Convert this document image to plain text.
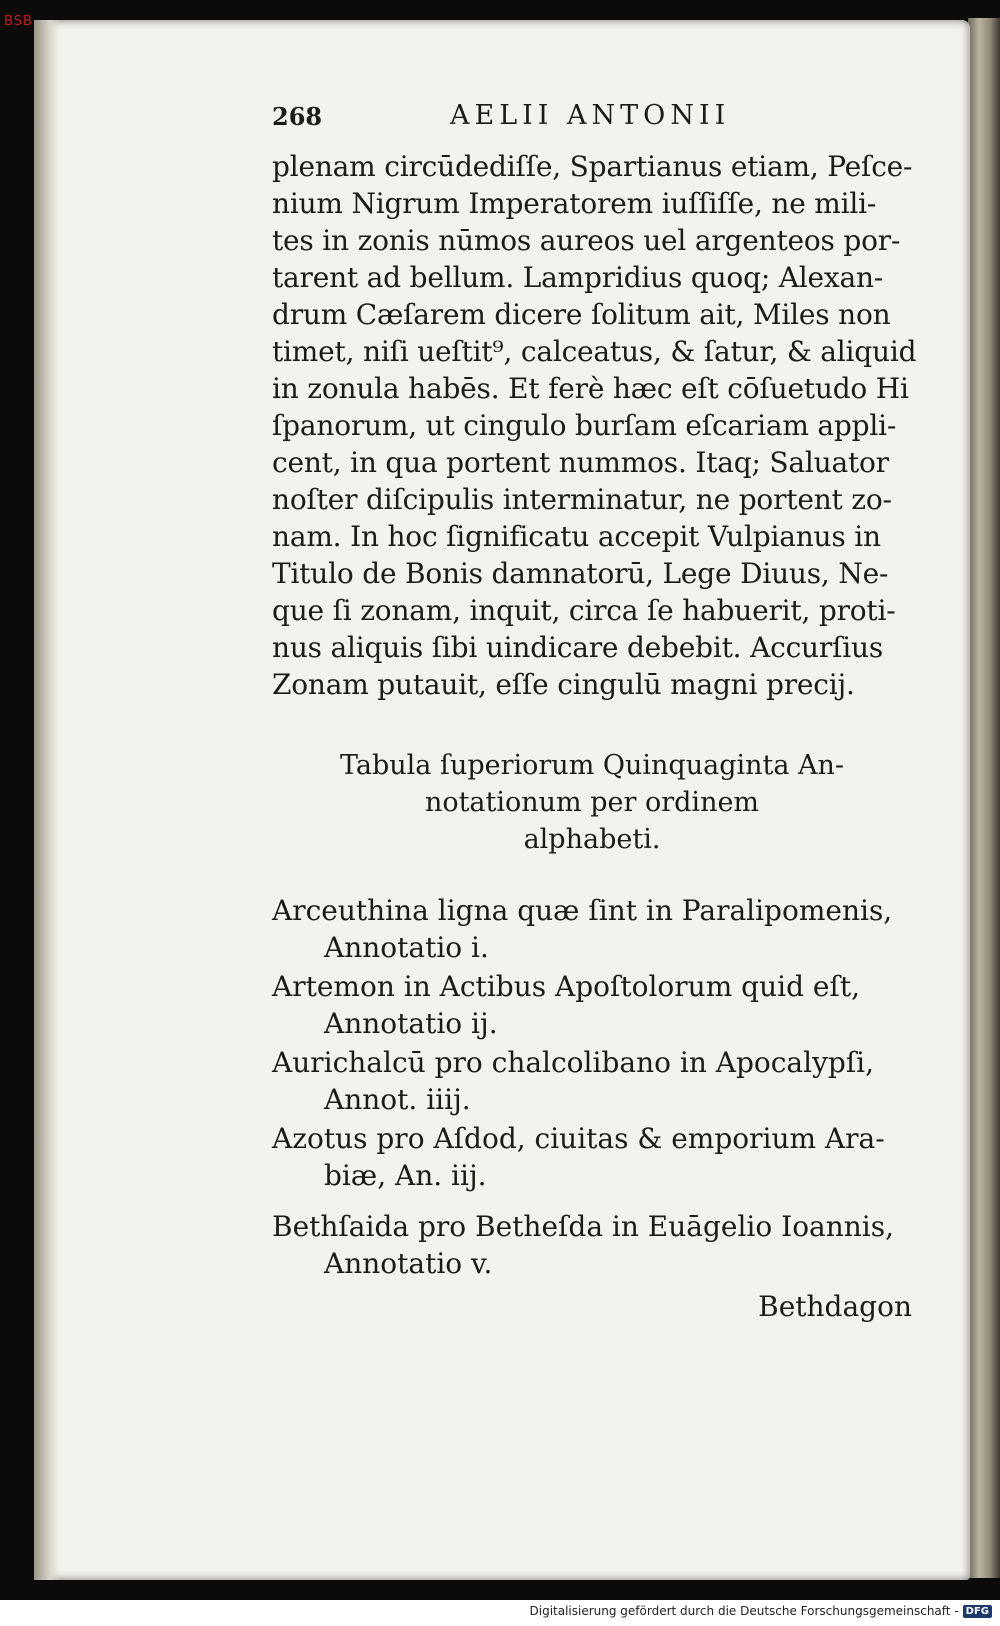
BSB
268	AELII ANTONII
plenam circūdediſſe, Spartianus etiam, Peſce-
nium Nigrum Imperatorem iuſſiſſe, ne mili-
tes in zonis nūmos aureos uel argenteos por-
tarent ad bellum. Lampridius quoq; Alexan-
drum Cæſarem dicere ſolitum ait, Miles non
timet, niſi ueſtit⁹, calceatus, & ſatur, & aliquid
in zonula habēs. Et ferè hæc eſt cōſuetudo Hi
ſpanorum, ut cingulo burſam eſcariam appli-
cent, in qua portent nummos. Itaq; Saluator
noſter diſcipulis interminatur, ne portent zo-
nam. In hoc ſignificatu accepit Vulpianus in
Titulo de Bonis damnatorū, Lege Diuus, Ne-
que ſi zonam, inquit, circa ſe habuerit, proti-
nus aliquis ſibi uindicare debebit. Accurſius
Zonam putauit, eſſe cingulū magni precij.
Tabula ſuperiorum Quinquaginta An-
notationum per ordinem
alphabeti.
Arceuthina ligna quæ ſint in Paralipomenis,
Annotatio i.
Artemon in Actibus Apoſtolorum quid eſt,
Annotatio ij.
Aurichalcū pro chalcolibano in Apocalypſi,
Annot. iiij.
Azotus pro Aſdod, ciuitas & emporium Ara-
biæ, An. iij.
Bethſaida pro Betheſda in Euāgelio Ioannis,
Annotatio v.
Bethdagon
Digitalisierung gefördert durch die Deutsche Forschungsgemeinschaft - DFG
